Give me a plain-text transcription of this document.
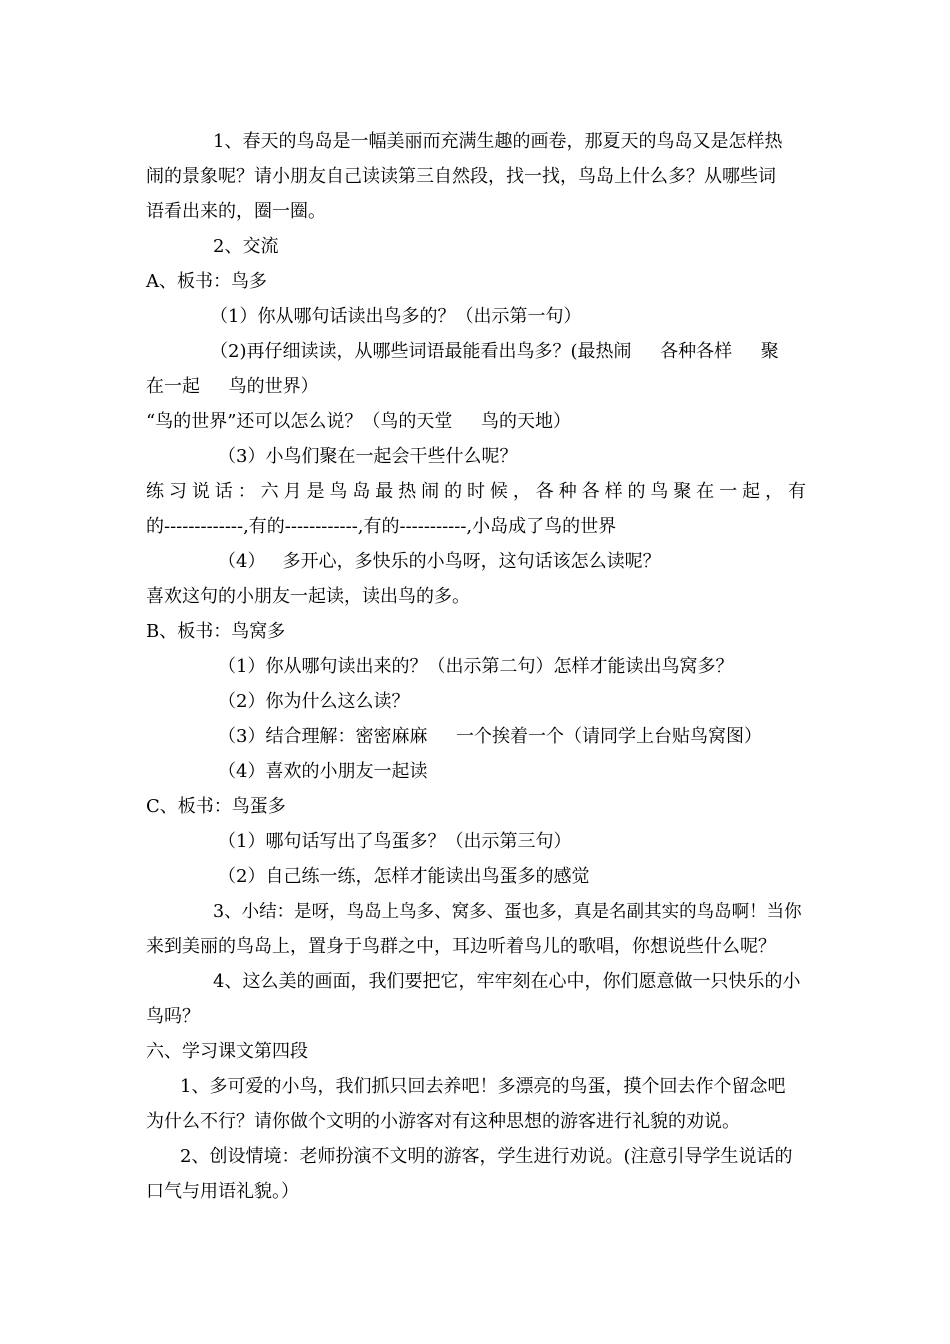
1、春天的鸟岛是一幅美丽而充满生趣的画卷，那夏天的鸟岛又是怎样热
闹的景象呢？请小朋友自己读读第三自然段，找一找，鸟岛上什么多？从哪些词
语看出来的，圈一圈。
2、交流
A、板书：鸟多
（1）你从哪句话读出鸟多的？（出示第一句）
（2)再仔细读读，从哪些词语最能看出鸟多？(最热闹     各种各样     聚
在一起     鸟的世界）
“鸟的世界”还可以怎么说？（鸟的天堂     鸟的天地）
（3）小鸟们聚在一起会干些什么呢？
练习说话：六月是鸟岛最热闹的时候，各种各样的鸟聚在一起，有
的-------------,有的------------,有的-----------,小岛成了鸟的世界
（4）   多开心，多快乐的小鸟呀，这句话该怎么读呢？
喜欢这句的小朋友一起读，读出鸟的多。
B、板书：鸟窝多
（1）你从哪句读出来的？（出示第二句）怎样才能读出鸟窝多？
（2）你为什么这么读？
（3）结合理解：密密麻麻     一个挨着一个（请同学上台贴鸟窝图）
（4）喜欢的小朋友一起读
C、板书：鸟蛋多
（1）哪句话写出了鸟蛋多？（出示第三句）
（2）自己练一练，怎样才能读出鸟蛋多的感觉
3、小结：是呀，鸟岛上鸟多、窝多、蛋也多，真是名副其实的鸟岛啊！当你
来到美丽的鸟岛上，置身于鸟群之中，耳边听着鸟儿的歌唱，你想说些什么呢？
4、这么美的画面，我们要把它，牢牢刻在心中，你们愿意做一只快乐的小
鸟吗？
六、学习课文第四段
1、多可爱的小鸟，我们抓只回去养吧！多漂亮的鸟蛋，摸个回去作个留念吧
为什么不行？请你做个文明的小游客对有这种思想的游客进行礼貌的劝说。
2、创设情境：老师扮演不文明的游客，学生进行劝说。(注意引导学生说话的
口气与用语礼貌。）
